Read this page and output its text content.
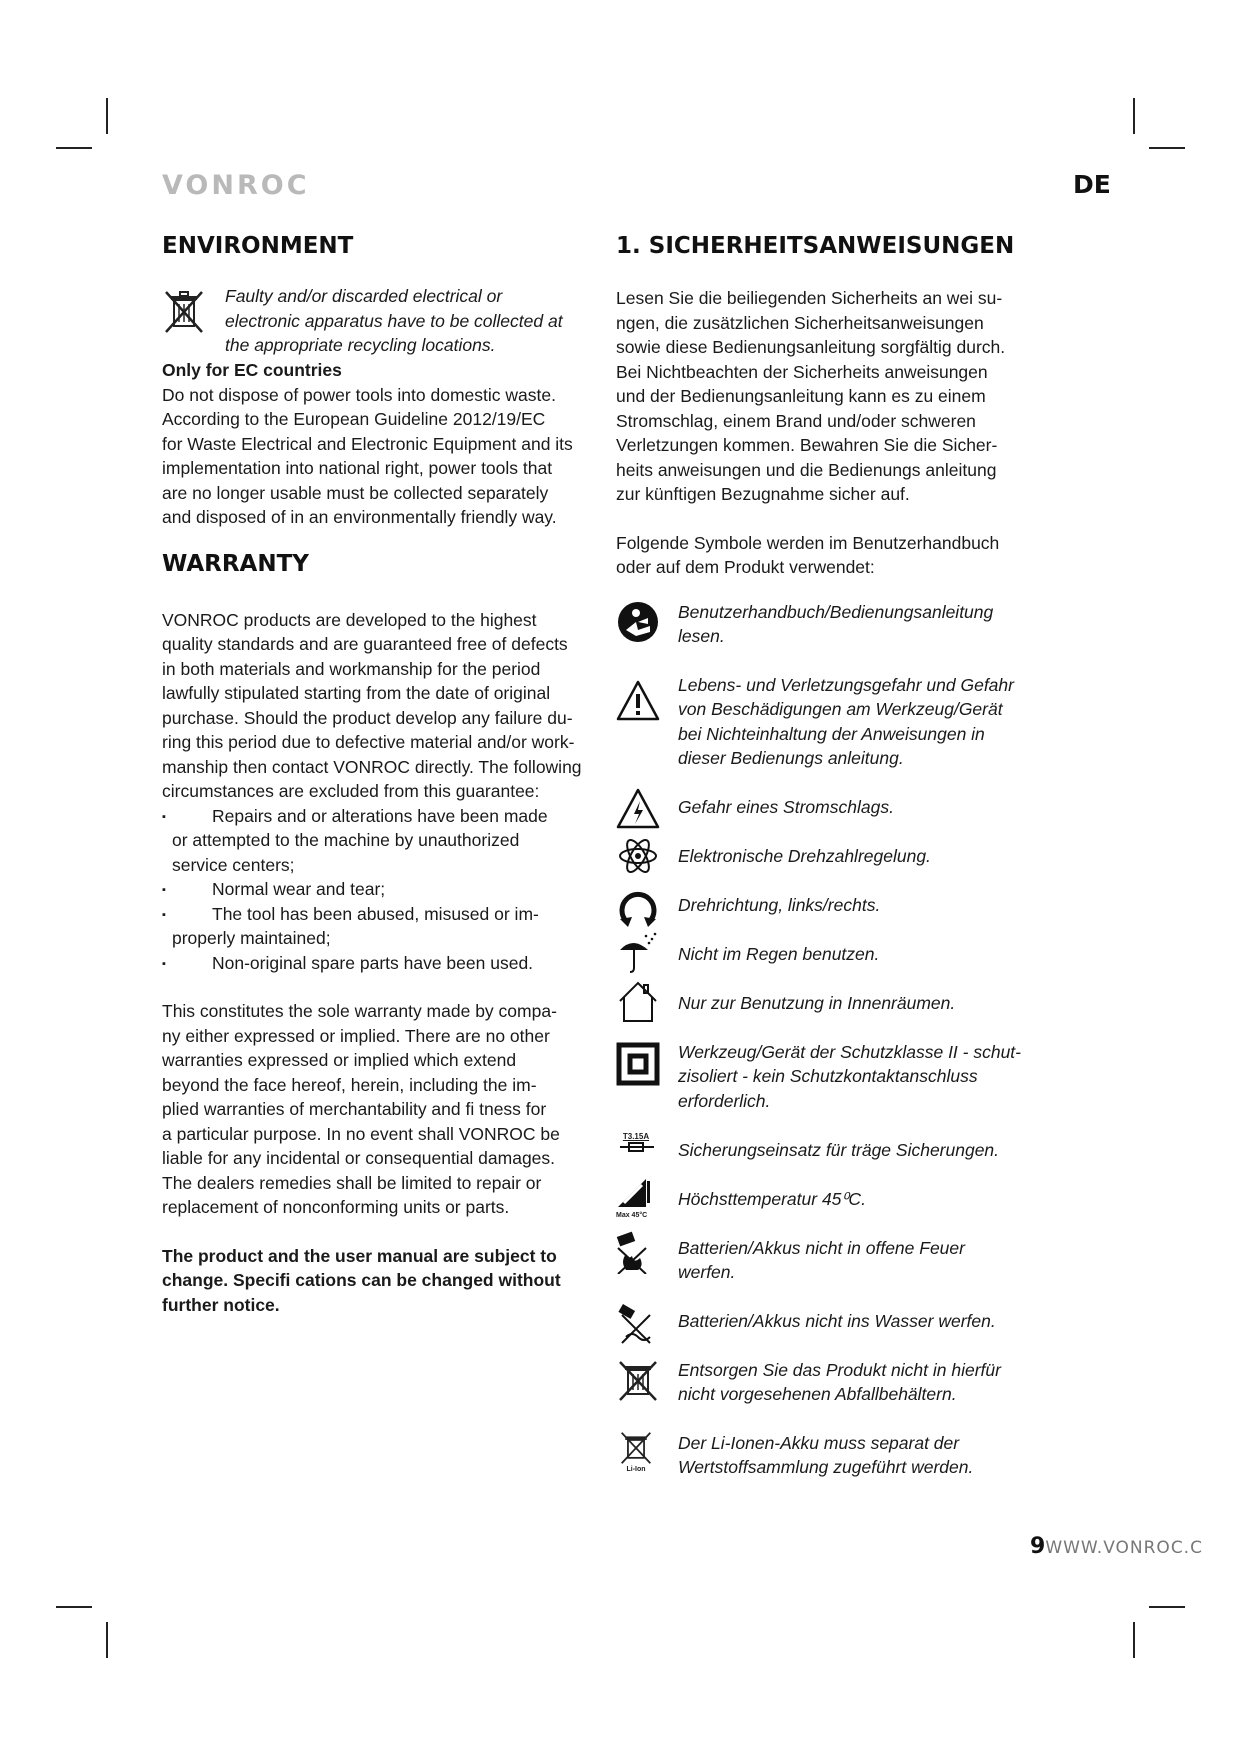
VONROC	DE
ENVIRONMENT
Faulty and/or discarded electrical or
electronic apparatus have to be collected at
the appropriate recycling locations.
Only for EC countries
Do not dispose of power tools into domestic waste.
According to the European Guideline 2012/19/EC
for Waste Electrical and Electronic Equipment and its
implementation into national right, power tools that
are no longer usable must be collected separately
and disposed of in an environmentally friendly way.
WARRANTY
VONROC products are developed to the highest
quality standards and are guaranteed free of defects
in both materials and workmanship for the period
lawfully stipulated starting from the date of original
purchase. Should the product develop any failure du-
ring this period due to defective material and/or work-
manship then contact VONROC directly. The following
circumstances are excluded from this guarantee:
▪ Repairs and or alterations have been made
or attempted to the machine by unauthorized
service centers;
▪ Normal wear and tear;
▪ The tool has been abused, misused or im-
properly maintained;
▪ Non-original spare parts have been used.
This constitutes the sole warranty made by compa-
ny either expressed or implied. There are no other
warranties expressed or implied which extend
beyond the face hereof, herein, including the im-
plied warranties of merchantability and fi tness for
a particular purpose. In no event shall VONROC be
liable for any incidental or consequential damages.
The dealers remedies shall be limited to repair or
replacement of nonconforming units or parts.
The product and the user manual are subject to
change. Specifi cations can be changed without
further notice.
1. SICHERHEITSANWEISUNGEN
Lesen Sie die beiliegenden Sicherheits an wei su-
ngen, die zusätzlichen Sicherheitsanweisungen
sowie diese Bedienungsanleitung sorgfältig durch.
Bei Nichtbeachten der Sicherheits anweisungen
und der Bedienungsanleitung kann es zu einem
Stromschlag, einem Brand und/oder schweren
Verletzungen kommen. Bewahren Sie die Sicher-
heits anweisungen und die Bedienungs anleitung
zur künftigen Bezugnahme sicher auf.
Folgende Symbole werden im Benutzerhandbuch
oder auf dem Produkt verwendet:
Benutzerhandbuch/Bedienungsanleitung
lesen.
Lebens- und Verletzungsgefahr und Gefahr
von Beschädigungen am Werkzeug/Gerät
bei Nichteinhaltung der Anweisungen in
dieser Bedienungs anleitung.
Gefahr eines Stromschlags.
Elektronische Drehzahlregelung.
Drehrichtung, links/rechts.
Nicht im Regen benutzen.
Nur zur Benutzung in Innenräumen.
Werkzeug/Gerät der Schutzklasse II - schut-
zisoliert - kein Schutzkontaktanschluss
erforderlich.
T3.15A
Sicherungseinsatz für träge Sicherungen.
Max 45°C
Höchsttemperatur 45⁰C.
Batterien/Akkus nicht in offene Feuer
werfen.
Batterien/Akkus nicht ins Wasser werfen.
Entsorgen Sie das Produkt nicht in hierfür
nicht vorgesehenen Abfallbehältern.
Li-Ion
Der Li-Ionen-Akku muss separat der
Wertstoffsammlung zugeführt werden.
9WWW.VONROC.C
